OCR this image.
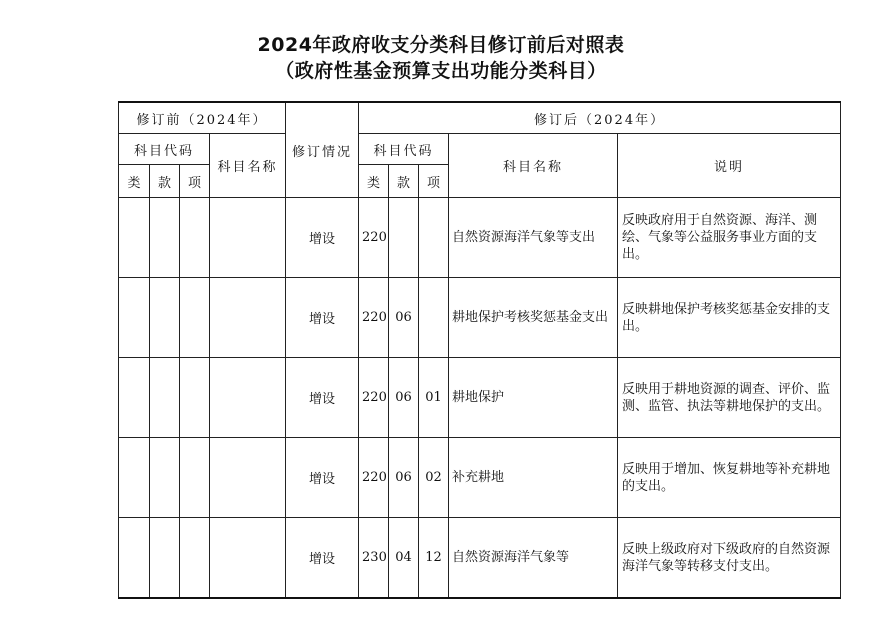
2024年政府收支分类科目修订前后对照表
（政府性基金预算支出功能分类科目）
修订前（2024年）				修订情况	修订后（2024年）				
科目代码			科目名称		科目代码			科目名称	说明
类	款	项			类	款	项		
				增设	220			自然资源海洋气象等支出	反映政府用于自然资源、海洋、测绘、气象等公益服务事业方面的支出。
				增设	220	06		耕地保护考核奖惩基金支出	反映耕地保护考核奖惩基金安排的支出。
				增设	220	06	01	耕地保护	反映用于耕地资源的调查、评价、监测、监管、执法等耕地保护的支出。
				增设	220	06	02	补充耕地	反映用于增加、恢复耕地等补充耕地的支出。
				增设	230	04	12	自然资源海洋气象等	反映上级政府对下级政府的自然资源海洋气象等转移支付支出。
